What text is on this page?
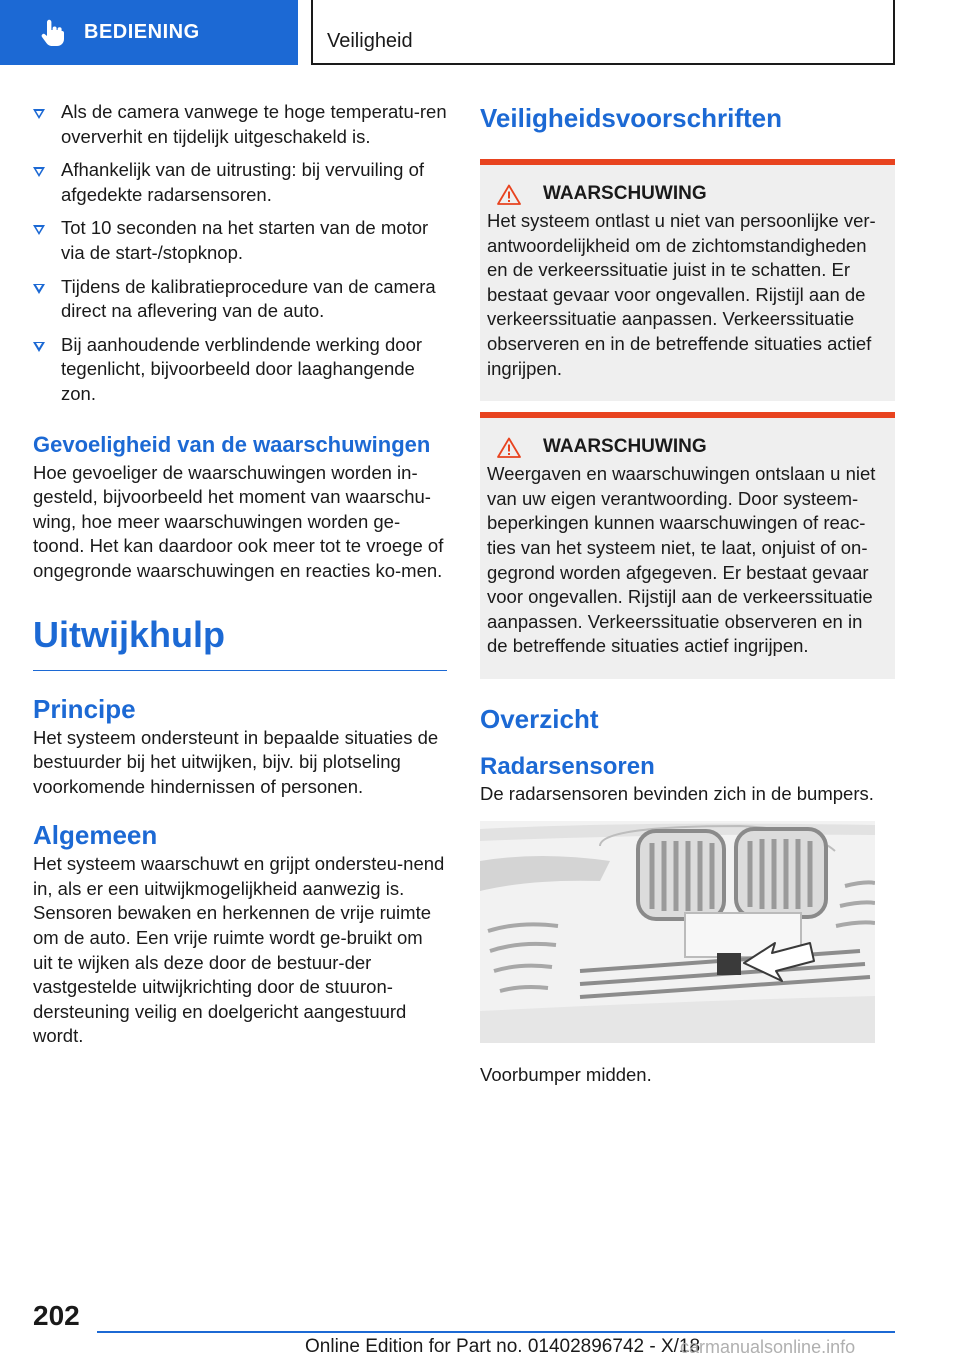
BEDIENING	Veiligheid
Als de camera vanwege te hoge temperatu-ren oververhit en tijdelijk uitgeschakeld is.
Afhankelijk van de uitrusting: bij vervuiling of afgedekte radarsensoren.
Tot 10 seconden na het starten van de motor via de start-/stopknop.
Tijdens de kalibratieprocedure van de camera direct na aflevering van de auto.
Bij aanhoudende verblindende werking door tegenlicht, bijvoorbeeld door laaghangende zon.
Gevoeligheid van de waarschuwingen

Hoe gevoeliger de waarschuwingen worden in-gesteld, bijvoorbeeld het moment van waarschu-wing, hoe meer waarschuwingen worden ge-toond. Het kan daardoor ook meer tot te vroege of ongegronde waarschuwingen en reacties ko-men.

Uitwijkhulp
Principe

Het systeem ondersteunt in bepaalde situaties de bestuurder bij het uitwijken, bijv. bij plotseling voorkomende hindernissen of personen.

Algemeen

Het systeem waarschuwt en grijpt ondersteu-nend in, als er een uitwijkmogelijkheid aanwezig is. Sensoren bewaken en herkennen de vrije ruimte om de auto. Een vrije ruimte wordt ge-bruikt om uit te wijken als deze door de bestuur-der vastgestelde uitwijkrichting door de stuuron-dersteuning veilig en doelgericht aangestuurd wordt.

Veiligheidsvoorschriften
WAARSCHUWING

Het systeem ontlast u niet van persoonlijke ver-antwoordelijkheid om de zichtomstandigheden en de verkeerssituatie juist in te schatten. Er bestaat gevaar voor ongevallen. Rijstijl aan de verkeerssituatie aanpassen. Verkeerssituatie observeren en in de betreffende situaties actief ingrijpen.

WAARSCHUWING

Weergaven en waarschuwingen ontslaan u niet van uw eigen verantwoording. Door systeem-beperkingen kunnen waarschuwingen of reac-ties van het systeem niet, te laat, onjuist of on-gegrond worden afgegeven. Er bestaat gevaar voor ongevallen. Rijstijl aan de verkeerssituatie aanpassen. Verkeerssituatie observeren en in de betreffende situaties actief ingrijpen.

Overzicht
Radarsensoren

De radarsensoren bevinden zich in de bumpers.

Voorbumper midden.

202
Online Edition for Part no. 01402896742 - X/18
carmanualsonline.info
